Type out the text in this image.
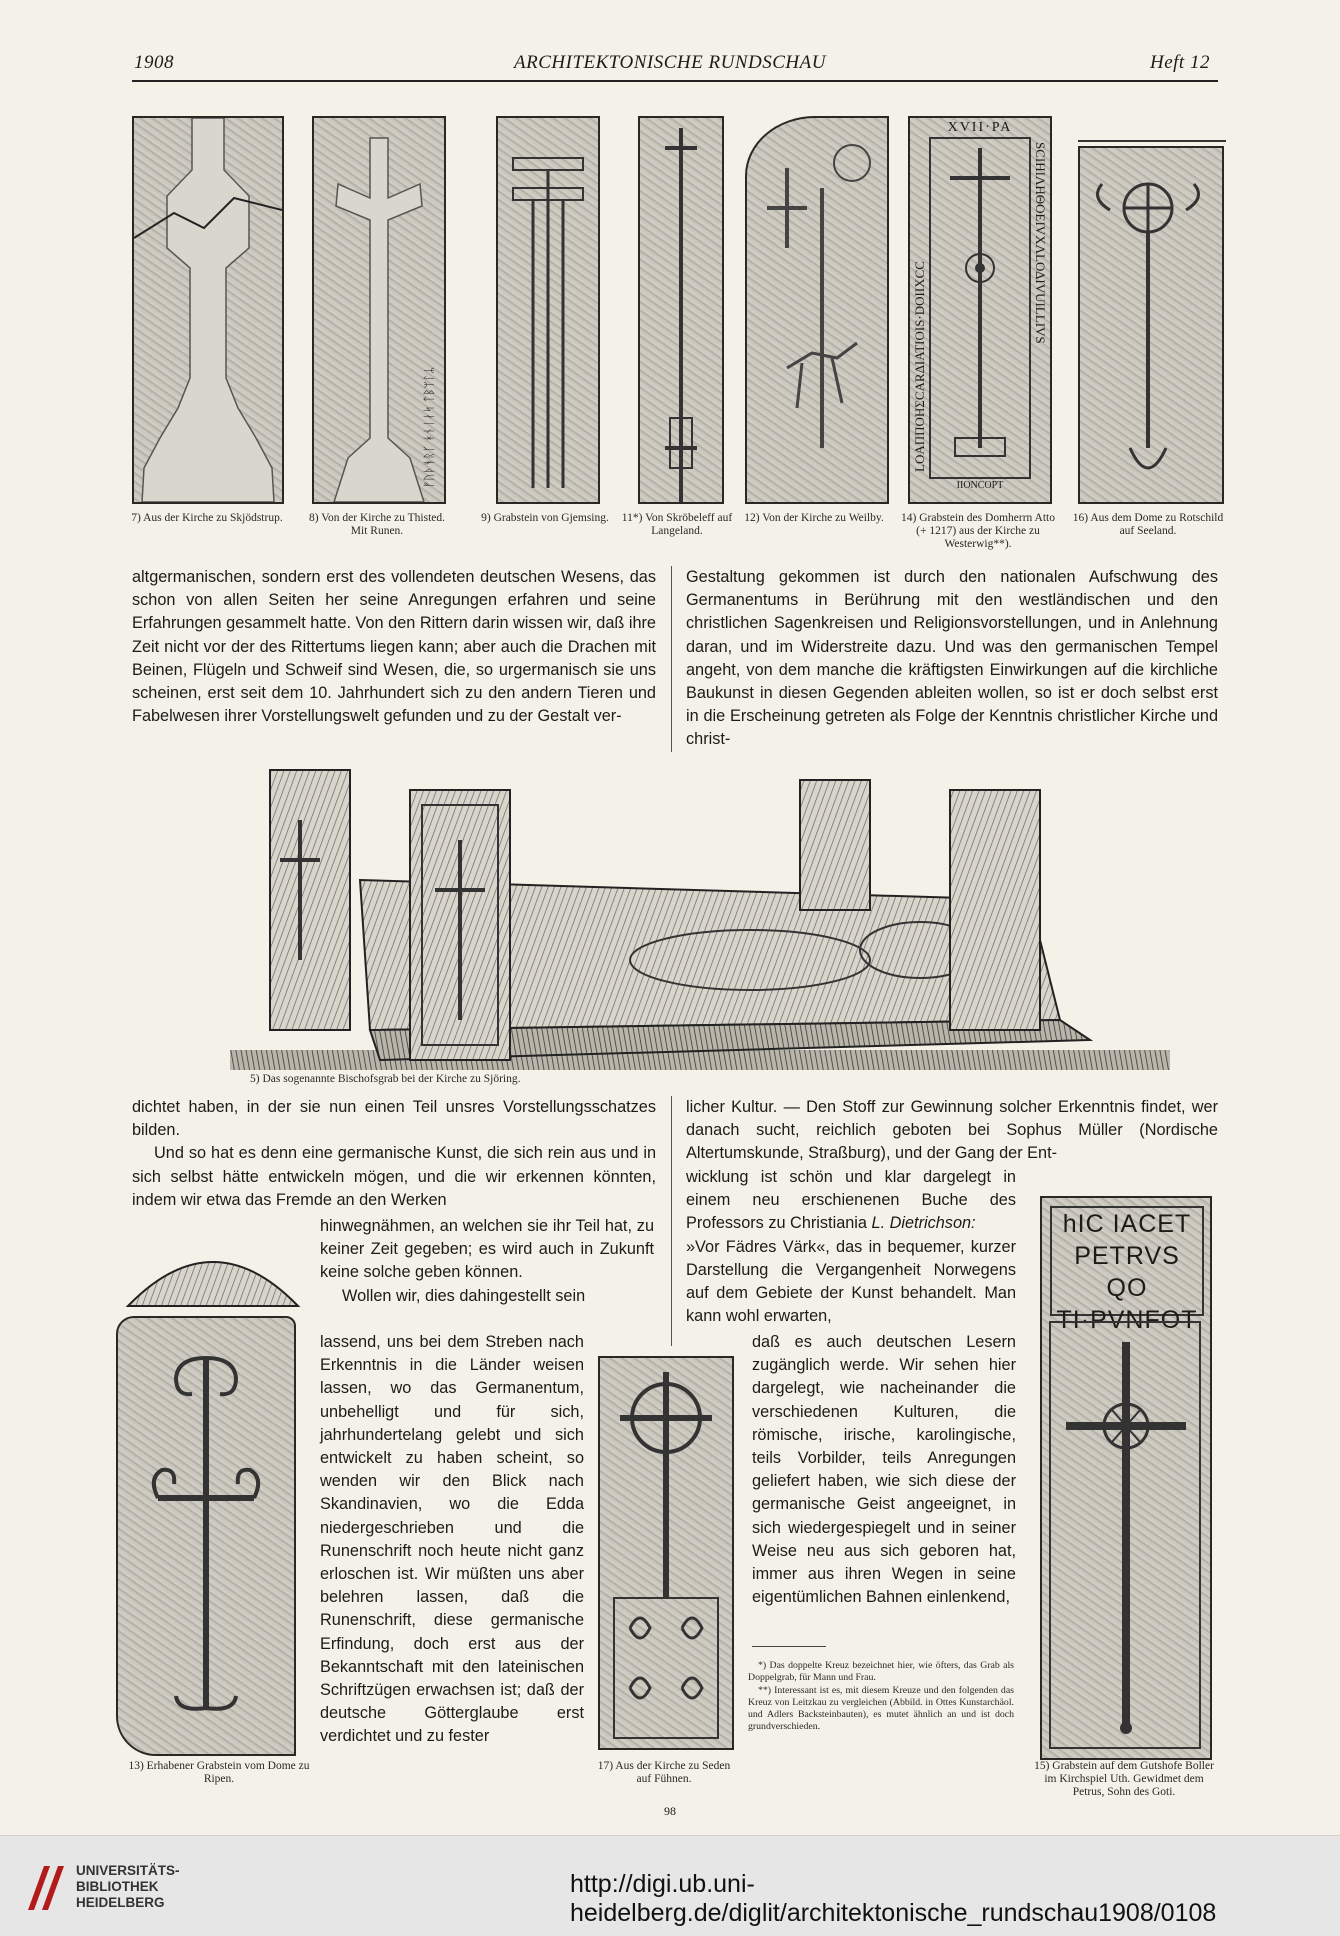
1908	ARCHITEKTONISCHE RUNDSCHAU	Heft 12
ᚠᚢᚦᚬᚱᚴ ᚼᚾᛁᛅᛋ ᛏᛒᛘᛚᛦ
XVII·PA
LOAΠΠΟΗΣCARΔIATIOIS·DOIIXCC
SCIHIΛΗΘΟΕIVXΛLΟΔΙVUILLIVS
IIONCOPT
7) Aus der Kirche zu Skjödstrup. 8) Von der Kirche zu Thisted. Mit Runen.
9) Grabstein von Gjemsing.	11*) Von Skröbeleff auf Langeland.
12) Von der Kirche zu Weilby. 14) Grabstein des Domherrn Atto (+ 1217) aus der Kirche zu Westerwig**).
16) Aus dem Dome zu Rotschild auf Seeland.

altgermanischen, sondern erst des vollendeten deutschen Wesens, das schon von allen Seiten her seine Anregungen erfahren und seine Erfahrungen gesammelt hatte. Von den Rittern darin wissen wir, daß ihre Zeit nicht vor der des Rittertums liegen kann; aber auch die Drachen mit Beinen, Flügeln und Schweif sind Wesen, die, so urgermanisch sie uns scheinen, erst seit dem 10. Jahrhundert sich zu den andern Tieren und Fabelwesen ihrer Vorstellungswelt gefunden und zu der Gestalt ver-

Gestaltung gekommen ist durch den nationalen Aufschwung des Germanentums in Berührung mit den westländischen und den christlichen Sagenkreisen und Religionsvorstellungen, und in Anlehnung daran, und im Widerstreite dazu. Und was den germanischen Tempel angeht, von dem manche die kräftigsten Einwirkungen auf die kirchliche Baukunst in diesen Gegenden ableiten wollen, so ist er doch selbst erst in die Erscheinung getreten als Folge der Kenntnis christlicher Kirche und christ-

5) Das sogenannte Bischofsgrab bei der Kirche zu Sjöring.

dichtet haben, in der sie nun einen Teil unsres Vorstellungsschatzes bilden.

Und so hat es denn eine germanische Kunst, die sich rein aus und in sich selbst hätte entwickeln mögen, und die wir erkennen könnten, indem wir etwa das Fremde an den Werken

hinwegnähmen, an welchen sie ihr Teil hat, zu keiner Zeit gegeben; es wird auch in Zukunft keine solche geben können.

Wollen wir, dies dahingestellt sein

lassend, uns bei dem Streben nach Erkenntnis in die Länder weisen lassen, wo das Germanentum, unbehelligt und für sich, jahrhundertelang gelebt und sich entwickelt zu haben scheint, so wenden wir den Blick nach Skandinavien, wo die Edda niedergeschrieben und die Runenschrift noch heute nicht ganz erloschen ist. Wir müßten uns aber belehren lassen, daß die Runenschrift, diese germanische Erfindung, doch erst aus der Bekanntschaft mit den lateinischen Schriftzügen erwachsen ist; daß der deutsche Götterglaube erst verdichtet und zu fester

13) Erhabener Grabstein vom Dome zu Ripen.
17) Aus der Kirche zu Seden auf Fühnen.

licher Kultur. — Den Stoff zur Gewinnung solcher Erkenntnis findet, wer danach sucht, reichlich geboten bei Sophus Müller (Nordische Altertumskunde, Straßburg), und der Gang der Ent-

wicklung ist schön und klar dargelegt in einem neu erschienenen Buche des Professors zu Christiania L. Dietrichson:

»Vor Fädres Värk«, das in bequemer, kurzer Darstellung die Vergangenheit Norwegens auf dem Gebiete der Kunst behandelt. Man kann wohl erwarten,

daß es auch deutschen Lesern zugänglich werde. Wir sehen hier dargelegt, wie nacheinander die verschiedenen Kulturen, die römische, irische, karolingische, teils Vorbilder, teils Anregungen geliefert haben, wie sich diese der germanische Geist angeeignet, in sich wiedergespiegelt und in seiner Weise neu aus sich geboren hat, immer aus ihren Wegen in seine eigentümlichen Bahnen einlenkend,

hIC IACET
PETRVS QO
TI·PVNFOT
15) Grabstein auf dem Gutshofe Boller im Kirchspiel Uth. Gewidmet dem Petrus, Sohn des Goti.

*) Das doppelte Kreuz bezeichnet hier, wie öfters, das Grab als Doppelgrab, für Mann und Frau.

**) Interessant ist es, mit diesem Kreuze und den folgenden das Kreuz von Leitzkau zu vergleichen (Abbild. in Ottes Kunstarchäol. und Adlers Backsteinbauten), es mutet ähnlich an und ist doch grundverschieden.

98
UNIVERSITÄTS-
BIBLIOTHEK
HEIDELBERG
http://digi.ub.uni-heidelberg.de/diglit/architektonische_rundschau1908/0108
